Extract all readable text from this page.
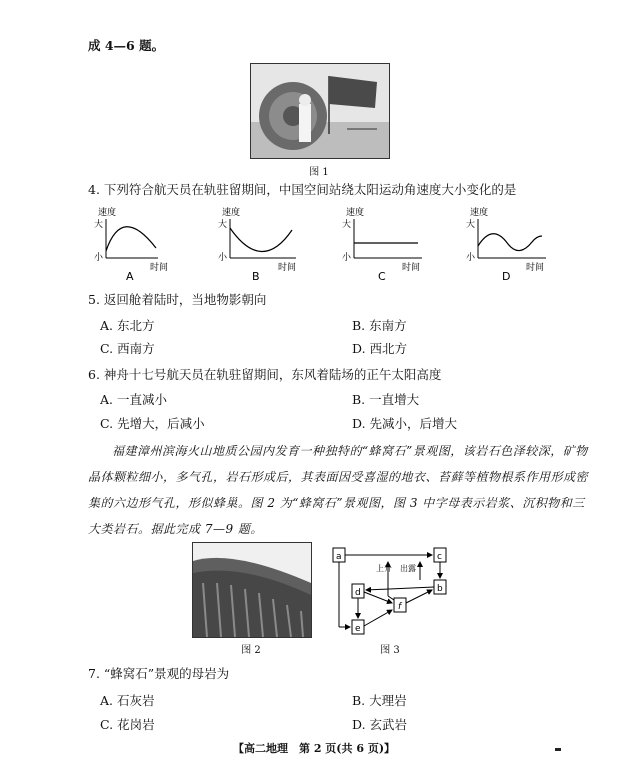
成 4—6 题。
图 1
4. 下列符合航天员在轨驻留期间，中国空间站绕太阳运动角速度大小变化的是
速度
大
小
时间
A
速度
大
小
时间
B
速度
大
小
时间
C
速度
大
小
时间
D
5. 返回舱着陆时，当地物影朝向
A. 东北方	B. 东南方
C. 西南方	D. 西北方
6. 神舟十七号航天员在轨驻留期间，东风着陆场的正午太阳高度
A. 一直减小	B. 一直增大
C. 先增大，后减小	D. 先减小，后增大
福建漳州滨海火山地质公园内发育一种独特的“蜂窝石”景观图，该岩石色泽较深，矿物晶体颗粒细小，多气孔，岩石形成后，其表面因受喜湿的地衣、苔藓等植物根系作用形成密集的六边形气孔，形似蜂巢。图 2 为“蜂窝石”景观图，图 3 中字母表示岩浆、沉积物和三大类岩石。据此完成 7—9 题。
图 2
a	c
b
d
f
e
上升 出露
图 3
7. “蜂窝石”景观的母岩为
A. 石灰岩	B. 大理岩
C. 花岗岩	D. 玄武岩
【高二地理　第 2 页(共 6 页)】
